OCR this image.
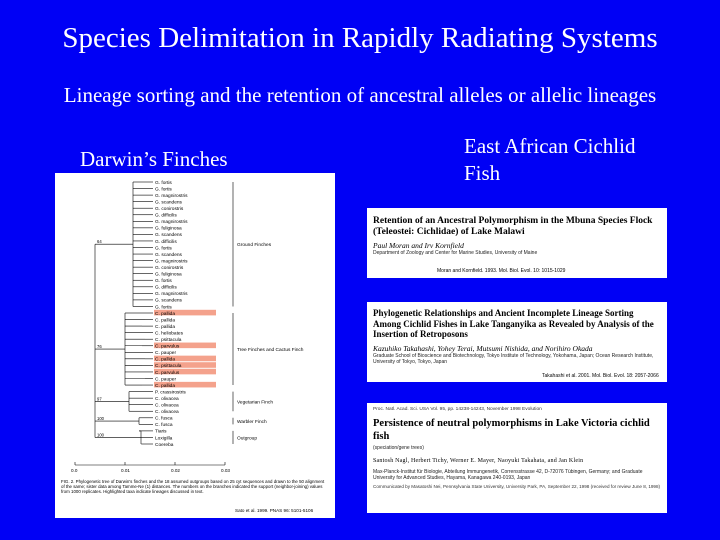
Species Delimitation in Rapidly Radiating Systems
Lineage sorting and the retention of ancestral alleles or allelic lineages
Darwin’s Finches
East African Cichlid Fish
G. fortis
G. fortis
G. magnirostris
G. scandens
G. conirostris
G. difficilis
G. magnirostris
G. fuliginosa
G. scandens
G. difficilis
G. fortis
G. scandens
G. magnirostris
G. conirostris
G. fuliginosa
G. fortis
G. difficilis
G. magnirostris
G. scandens
G. fortis
C. pallida
C. pallida
C. pallida
C. heliobates
C. psittacula
C. parvulus
C. pauper
C. pallida
C. psittacula
C. parvulus
C. pauper
C. pallida
P. crassirostris
C. olivacea
C. olivacea
C. olivacea
C. fusca
C. fusca
Tiaris
Loxigilla
Coereba
64
76
97
100
100
Ground Finches
Tree Finches and Cactus Finch
Vegetarian Finch
Warbler Finch
Outgroup
0.0	0.01	0.02	0.03
FIG. 2. Phylogenetic tree of Darwin's finches and the 18 assumed outgroups based on 25 cyt sequences and drawn to the 50 alignment of the same; sister data among Tamme-Ne (1) distances. The numbers on the branches indicated the support (neighbor-joining) values from 1000 replicates. Highlighted taxa indicate lineages discussed in text.
Sato et al. 1999. PNAS 96: 5101-5106
Retention of an Ancestral Polymorphism in the Mbuna Species Flock (Teleostei: Cichlidae) of Lake Malawi
Paul Moran and Irv Kornfield
Department of Zoology and Center for Marine Studies, University of Maine
Moran and Kornfield. 1993. Mol. Biol. Evol. 10: 1015-1029
Phylogenetic Relationships and Ancient Incomplete Lineage Sorting Among Cichlid Fishes in Lake Tanganyika as Revealed by Analysis of the Insertion of Retroposons
Kazuhiko Takahashi, Yohey Terai, Mutsumi Nishida, and Norihiro Okada
Graduate School of Bioscience and Biotechnology, Tokyo Institute of Technology, Yokohama, Japan; Ocean Research Institute, University of Tokyo, Tokyo, Japan
Takahashi et al. 2001. Mol. Biol. Evol. 18: 2057-2066
Proc. Natl. Acad. Sci. USA Vol. 95, pp. 14238-14243, November 1998 Evolution
Persistence of neutral polymorphisms in Lake Victoria cichlid fish
(speciation/gene trees)
Santosh Nagl, Herbert Tichy, Werner E. Mayer, Naoyuki Takahata, and Jan Klein
Max-Planck-Institut für Biologie, Abteilung Immungenetik, Corrensstrasse 42, D-72076 Tübingen, Germany; and Graduate University for Advanced Studies, Hayama, Kanagawa 240-0193, Japan
Communicated by Masatoshi Nei, Pennsylvania State University, University Park, PA, September 22, 1998 (received for review June 8, 1998)
